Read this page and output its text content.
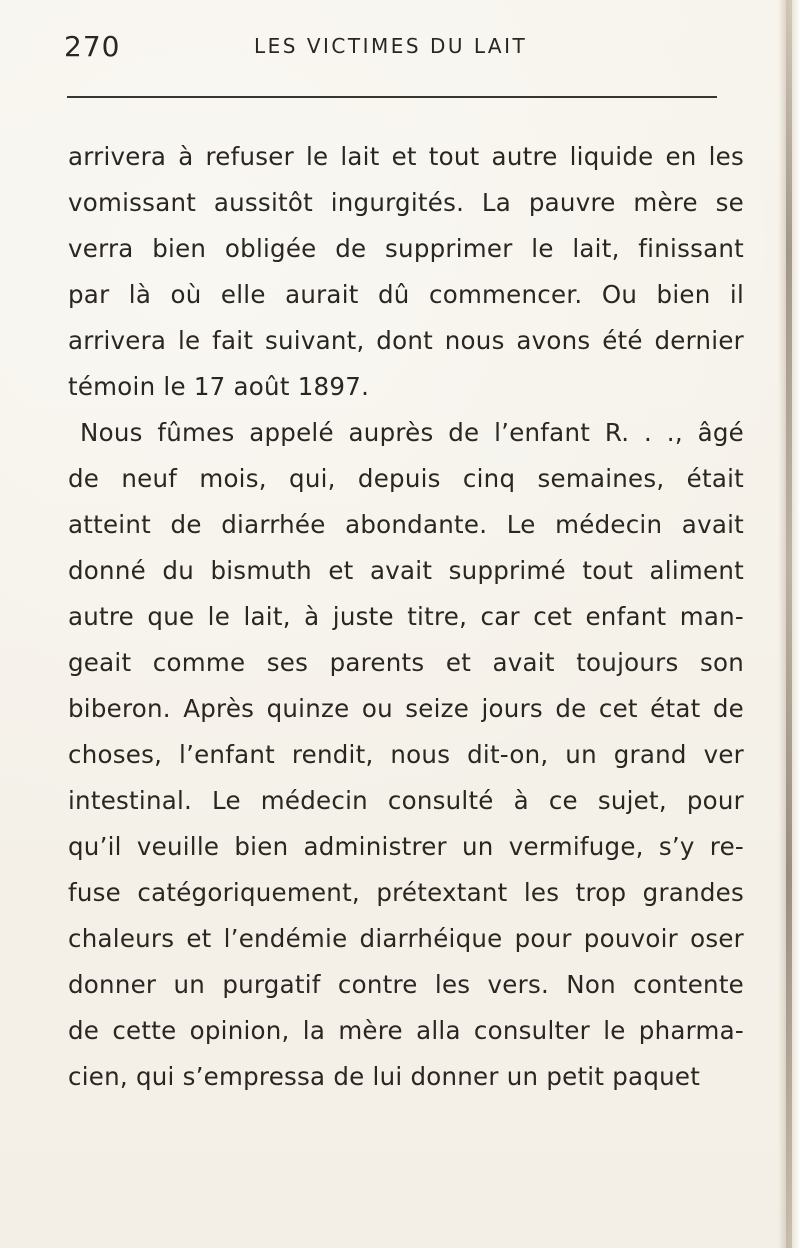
270	LES VICTIMES DU LAIT
arrivera à refuser le lait et tout autre liquide en les
vomissant aussitôt ingurgités. La pauvre mère se
verra bien obligée de supprimer le lait, finissant
par là où elle aurait dû commencer. Ou bien il
arrivera le fait suivant, dont nous avons été dernier
témoin le 17 août 1897.
Nous fûmes appelé auprès de l’enfant R. . ., âgé
de neuf mois, qui, depuis cinq semaines, était
atteint de diarrhée abondante. Le médecin avait
donné du bismuth et avait supprimé tout aliment
autre que le lait, à juste titre, car cet enfant man-
geait comme ses parents et avait toujours son
biberon. Après quinze ou seize jours de cet état de
choses, l’enfant rendit, nous dit-on, un grand ver
intestinal. Le médecin consulté à ce sujet, pour
qu’il veuille bien administrer un vermifuge, s’y re-
fuse catégoriquement, prétextant les trop grandes
chaleurs et l’endémie diarrhéique pour pouvoir oser
donner un purgatif contre les vers. Non contente
de cette opinion, la mère alla consulter le pharma-
cien, qui s’empressa de lui donner un petit paquet
